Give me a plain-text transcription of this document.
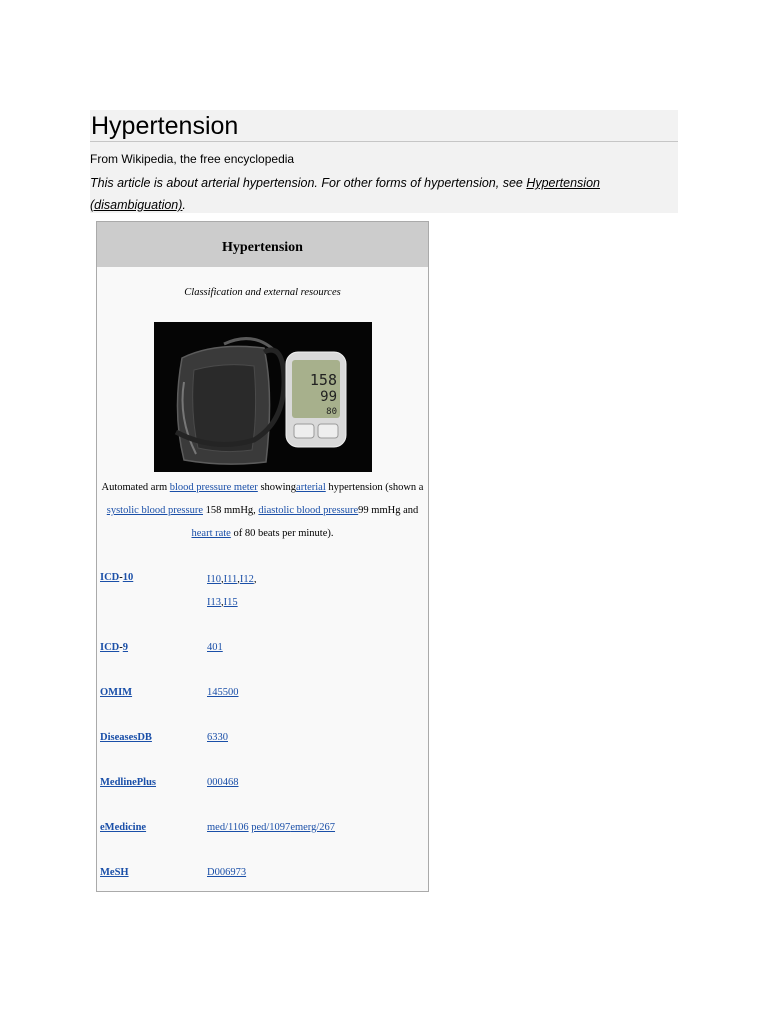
Hypertension
From Wikipedia, the free encyclopedia
This article is about arterial hypertension. For other forms of hypertension, see Hypertension (disambiguation).
Hypertension
Classification and external resources
158
99
80
Automated arm blood pressure meter showingarterial hypertension (shown a systolic blood pressure 158 mmHg, diastolic blood pressure99 mmHg and heart rate of 80 beats per minute).
ICD-10	I10,I11,I12,
I13,I15
ICD-9	401
OMIM	145500
DiseasesDB	6330
MedlinePlus	000468
eMedicine	med/1106 ped/1097emerg/267
MeSH	D006973
